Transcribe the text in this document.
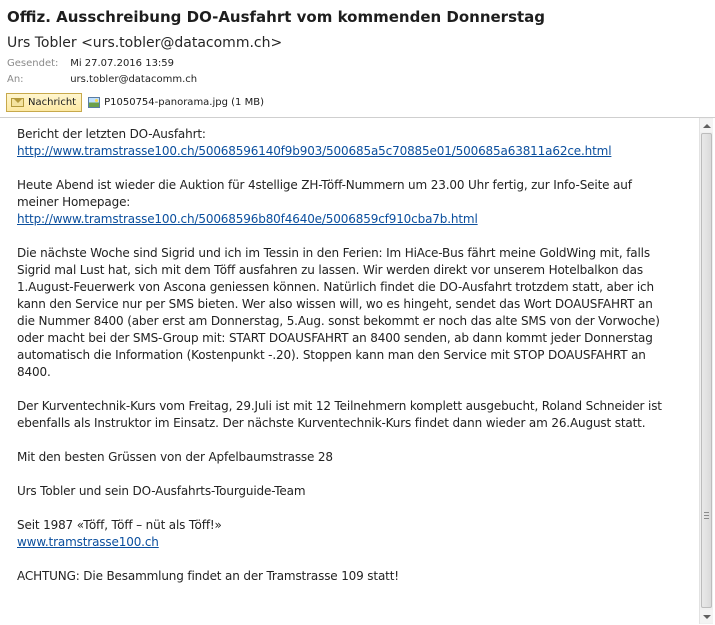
Offiz. Ausschreibung DO-Ausfahrt vom kommenden Donnerstag
Urs Tobler <urs.tobler@datacomm.ch>
Gesendet: Mi 27.07.2016 13:59
An:	urs.tobler@datacomm.ch
Nachricht	P1050754-panorama.jpg (1 MB)

Bericht der letzten DO-Ausfahrt:
http://www.tramstrasse100.ch/50068596140f9b903/500685a5c70885e01/500685a63811a62ce.html

Heute Abend ist wieder die Auktion für 4stellige ZH-Töff-Nummern um 23.00 Uhr fertig, zur Info-Seite auf
meiner Homepage:
http://www.tramstrasse100.ch/50068596b80f4640e/5006859cf910cba7b.html

Die nächste Woche sind Sigrid und ich im Tessin in den Ferien: Im HiAce-Bus fährt meine GoldWing mit, falls
Sigrid mal Lust hat, sich mit dem Töff ausfahren zu lassen. Wir werden direkt vor unserem Hotelbalkon das
1.August-Feuerwerk von Ascona geniessen können. Natürlich findet die DO-Ausfahrt trotzdem statt, aber ich
kann den Service nur per SMS bieten. Wer also wissen will, wo es hingeht, sendet das Wort DOAUSFAHRT an
die Nummer 8400 (aber erst am Donnerstag, 5.Aug. sonst bekommt er noch das alte SMS von der Vorwoche)
oder macht bei der SMS-Group mit: START DOAUSFAHRT an 8400 senden, ab dann kommt jeder Donnerstag
automatisch die Information (Kostenpunkt -.20). Stoppen kann man den Service mit STOP DOAUSFAHRT an
8400.

Der Kurventechnik-Kurs vom Freitag, 29.Juli ist mit 12 Teilnehmern komplett ausgebucht, Roland Schneider ist
ebenfalls als Instruktor im Einsatz. Der nächste Kurventechnik-Kurs findet dann wieder am 26.August statt.

Mit den besten Grüssen von der Apfelbaumstrasse 28

Urs Tobler und sein DO-Ausfahrts-Tourguide-Team

Seit 1987 «Töff, Töff – nüt als Töff!»
www.tramstrasse100.ch

ACHTUNG: Die Besammlung findet an der Tramstrasse 109 statt!
